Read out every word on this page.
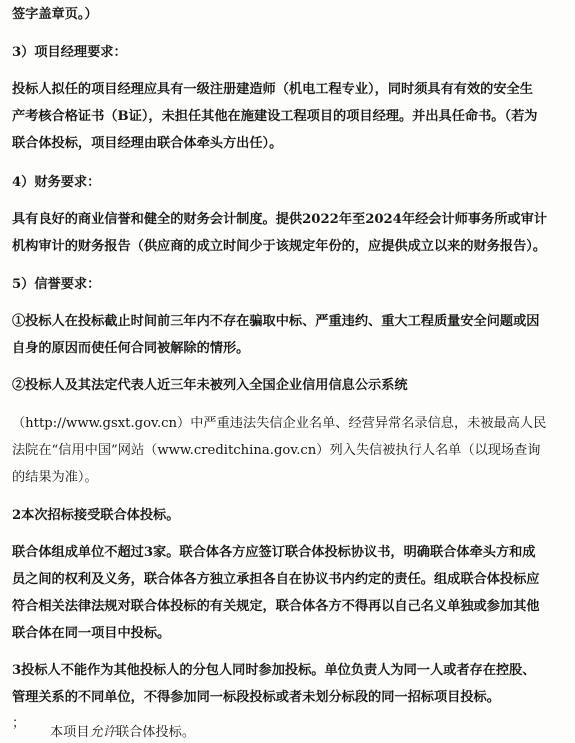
签字盖章页。）
3）项目经理要求：
投标人拟任的项目经理应具有一级注册建造师（机电工程专业），同时须具有有效的安全生
产考核合格证书（B证），未担任其他在施建设工程项目的项目经理。并出具任命书。（若为
联合体投标，项目经理由联合体牵头方出任）。
4）财务要求：
具有良好的商业信誉和健全的财务会计制度。提供2022年至2024年经会计师事务所或审计
机构审计的财务报告（供应商的成立时间少于该规定年份的，应提供成立以来的财务报告）。
5）信誉要求：
①投标人在投标截止时间前三年内不存在骗取中标、严重违约、重大工程质量安全问题或因
自身的原因而使任何合同被解除的情形。
②投标人及其法定代表人近三年未被列入全国企业信用信息公示系统
（http://www.gsxt.gov.cn）中严重违法失信企业名单、经营异常名录信息，未被最高人民
法院在“信用中国”网站（www.creditchina.gov.cn）列入失信被执行人名单（以现场查询
的结果为准）。
2本次招标接受联合体投标。
联合体组成单位不超过3家。联合体各方应签订联合体投标协议书，明确联合体牵头方和成
员之间的权利及义务，联合体各方独立承担各自在协议书内约定的责任。组成联合体投标应
符合相关法律法规对联合体投标的有关规定，联合体各方不得再以自己名义单独或参加其他
联合体在同一项目中投标。
3投标人不能作为其他投标人的分包人同时参加投标。单位负责人为同一人或者存在控股、
管理关系的不同单位，不得参加同一标段投标或者未划分标段的同一招标项目投标。
；
本项目允许联合体投标。
